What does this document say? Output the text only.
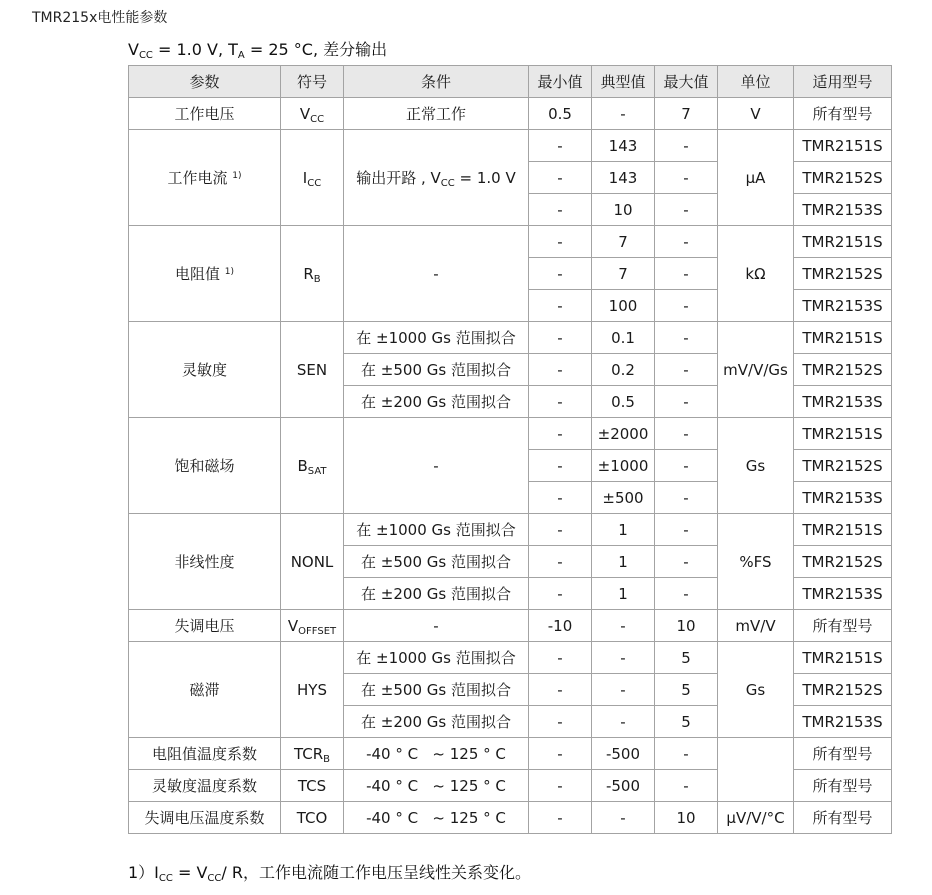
TMR215x电性能参数
$V_{CC} = 1.0$ V, $T_A = 25$ °C, 差分输出
参数	符号	条件	最小值	典型值	最大值	单位	适用型号
工作电压	$V_{CC}$	正常工作	0.5	-	7	V	所有型号
工作电流 $^{1)}$	$I_{CC}$	输出开路 , $V_{CC} = 1.0$ V	-	143	-	μA	TMR2151S
			-	143	-		TMR2152S
			-	10	-		TMR2153S
电阻值 $^{1)}$	$R_B$	-	-	7	-	kΩ	TMR2151S
			-	7	-		TMR2152S
			-	100	-		TMR2153S
灵敏度	SEN	在 ±1000 Gs 范围拟合	-	0.1	-	mV/V/Gs	TMR2151S
		在 ±500 Gs 范围拟合	-	0.2	-		TMR2152S
		在 ±200 Gs 范围拟合	-	0.5	-		TMR2153S
饱和磁场	$B_{SAT}$	-	-	±2000	-	Gs	TMR2151S
			-	±1000	-		TMR2152S
			-	±500	-		TMR2153S
非线性度	NONL	在 ±1000 Gs 范围拟合	-	1	-	%FS	TMR2151S
		在 ±500 Gs 范围拟合	-	1	-		TMR2152S
		在 ±200 Gs 范围拟合	-	1	-		TMR2153S
失调电压	$V_{OFFSET}$	-	-10	-	10	mV/V	所有型号
磁滞	HYS	在 ±1000 Gs 范围拟合	-	-	5	Gs	TMR2151S
		在 ±500 Gs 范围拟合	-	-	5		TMR2152S
		在 ±200 Gs 范围拟合	-	-	5		TMR2153S
电阻值温度系数	$TCR_B$	-40 ° C   ~ 125 ° C	-	-500	-		所有型号
灵敏度温度系数	TCS	-40 ° C   ~ 125 ° C	-	-500	-		所有型号
失调电压温度系数	TCO	-40 ° C   ~ 125 ° C	-	-	10	μV/V/°C	所有型号
$1)I_{CC} = V_{CC}/$ R，工作电流随工作电压呈线性关系变化。
